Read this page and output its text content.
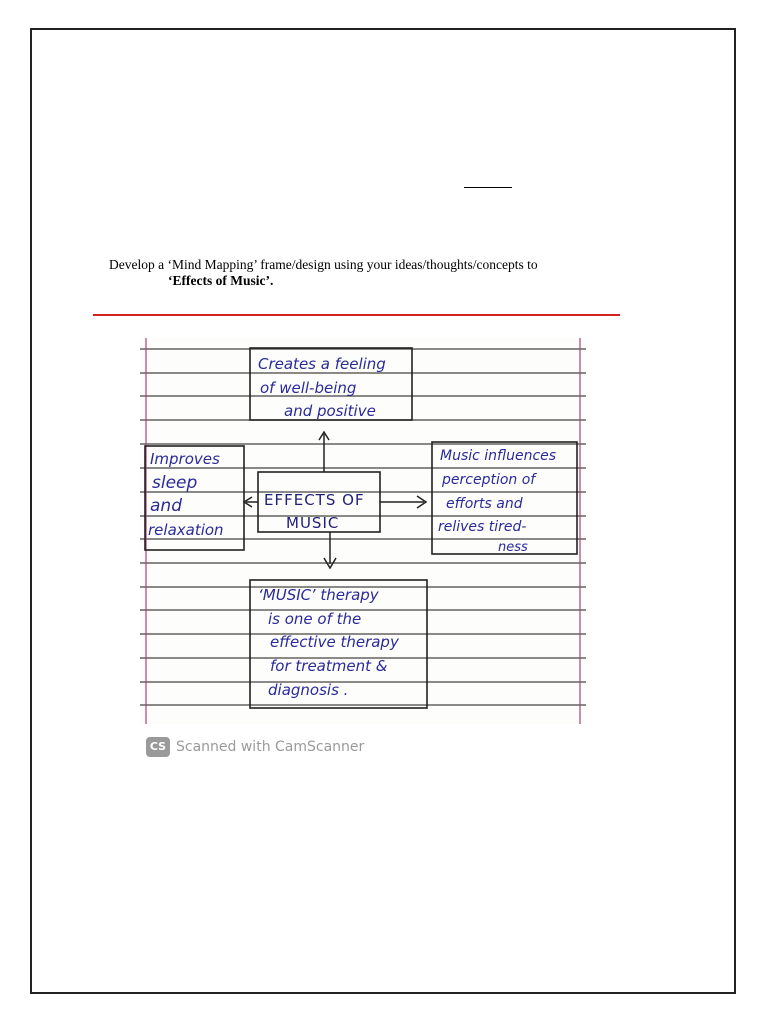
Develop a ‘Mind Mapping’ frame/design using your ideas/thoughts/concepts to
‘Effects of Music’.
Creates a feeling
of well-being
and positive
Improves
sleep
and
relaxation
EFFECTS OF
MUSIC
Music influences
perception of
efforts and
relives tired-
ness
‘MUSIC’ therapy
is one of the
effective therapy
for treatment &
diagnosis .
CS Scanned with CamScanner
